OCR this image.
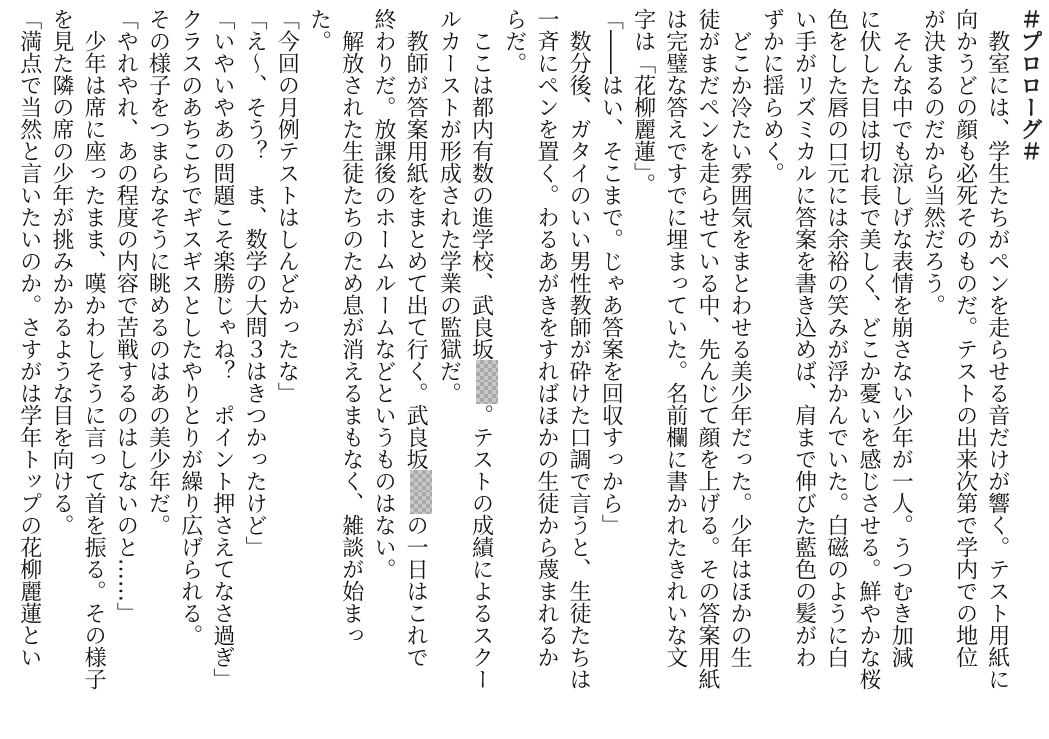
＃プロローグ＃
　教室には、学生たちがペンを走らせる音だけが響く。テスト用紙に
向かうどの顔も必死そのものだ。テストの出来次第で学内での地位
が決まるのだから当然だろう。
　そんな中でも涼しげな表情を崩さない少年が一人。うつむき加減
に伏した目は切れ長で美しく、どこか憂いを感じさせる。鮮やかな桜
色をした唇の口元には余裕の笑みが浮かんでいた。白磁のように白
い手がリズミカルに答案を書き込めば、肩まで伸びた藍色の髪がわ
ずかに揺らめく。
　どこか冷たい雰囲気をまとわせる美少年だった。少年はほかの生
徒がまだペンを走らせている中、先んじて顔を上げる。その答案用紙
は完璧な答えですでに埋まっていた。名前欄に書かれたきれいな文
字は「花柳麗蓮」。
「――はい、そこまで。じゃあ答案を回収すっから」
　数分後、ガタイのいい男性教師が砕けた口調で言うと、生徒たちは
一斉にペンを置く。わるあがきをすればほかの生徒から蔑まれるか
らだ。
　ここは都内有数の進学校、武良坂。テストの成績によるスクー
ルカーストが形成された学業の監獄だ。
　教師が答案用紙をまとめて出て行く。武良坂の一日はこれで
終わりだ。放課後のホームルームなどというものはない。
　解放された生徒たちのため息が消えるまもなく、雑談が始まっ
た。
「今回の月例テストはしんどかったな」
「え～、そう？　ま、数学の大問３はきつかったけど」
「いやいやあの問題こそ楽勝じゃね？　ポイント押さえてなさ過ぎ」
クラスのあちこちでギスギスとしたやりとりが繰り広げられる。
その様子をつまらなそうに眺めるのはあの美少年だ。
「やれやれ、あの程度の内容で苦戦するのはしないのと……」
　少年は席に座ったまま、嘆かわしそうに言って首を振る。その様子
を見た隣の席の少年が挑みかかるような目を向ける。
「満点で当然と言いたいのか。さすがは学年トップの花柳麗蓮とい
